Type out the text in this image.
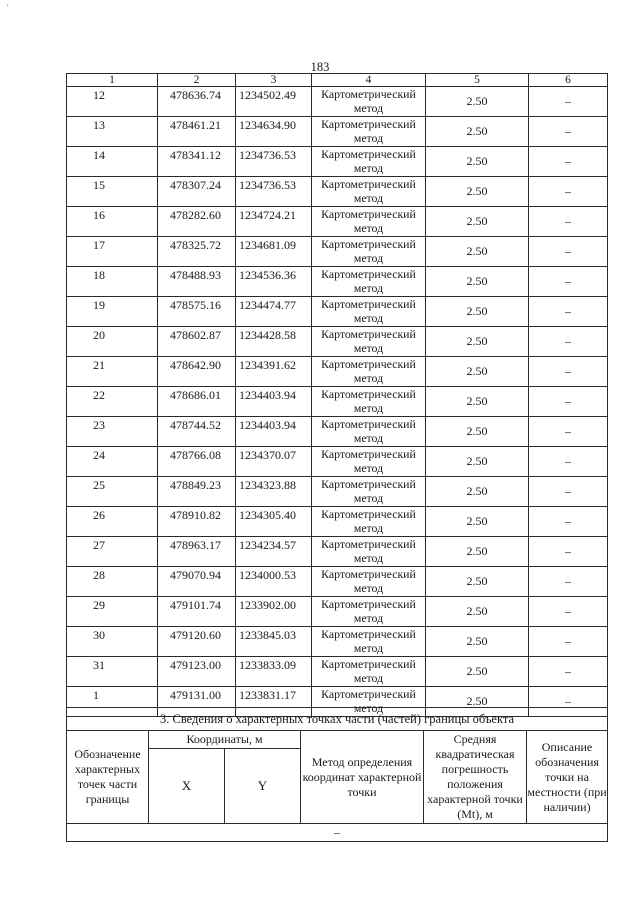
'
183
1	2	3	4	5	6
12	478636.74	1234502.49	Картометрический метод	2.50	–
13	478461.21	1234634.90	Картометрический метод	2.50	–
14	478341.12	1234736.53	Картометрический метод	2.50	–
15	478307.24	1234736.53	Картометрический метод	2.50	–
16	478282.60	1234724.21	Картометрический метод	2.50	–
17	478325.72	1234681.09	Картометрический метод	2.50	–
18	478488.93	1234536.36	Картометрический метод	2.50	–
19	478575.16	1234474.77	Картометрический метод	2.50	–
20	478602.87	1234428.58	Картометрический метод	2.50	–
21	478642.90	1234391.62	Картометрический метод	2.50	–
22	478686.01	1234403.94	Картометрический метод	2.50	–
23	478744.52	1234403.94	Картометрический метод	2.50	–
24	478766.08	1234370.07	Картометрический метод	2.50	–
25	478849.23	1234323.88	Картометрический метод	2.50	–
26	478910.82	1234305.40	Картометрический метод	2.50	–
27	478963.17	1234234.57	Картометрический метод	2.50	–
28	479070.94	1234000.53	Картометрический метод	2.50	–
29	479101.74	1233902.00	Картометрический метод	2.50	–
30	479120.60	1233845.03	Картометрический метод	2.50	–
31	479123.00	1233833.09	Картометрический метод	2.50	–
1	479131.00	1233831.17	Картометрический метод	2.50	–
3. Сведения о характерных точках части (частей) границы объекта					
Обозначение характерных точек части границы	Координаты, м		Метод определения координат характерной точки	Средняя квадратическая погрешность положения характерной точки (Mt), м	Описание обозначения точки на местности (при наличии)
	X	Y			
–					
